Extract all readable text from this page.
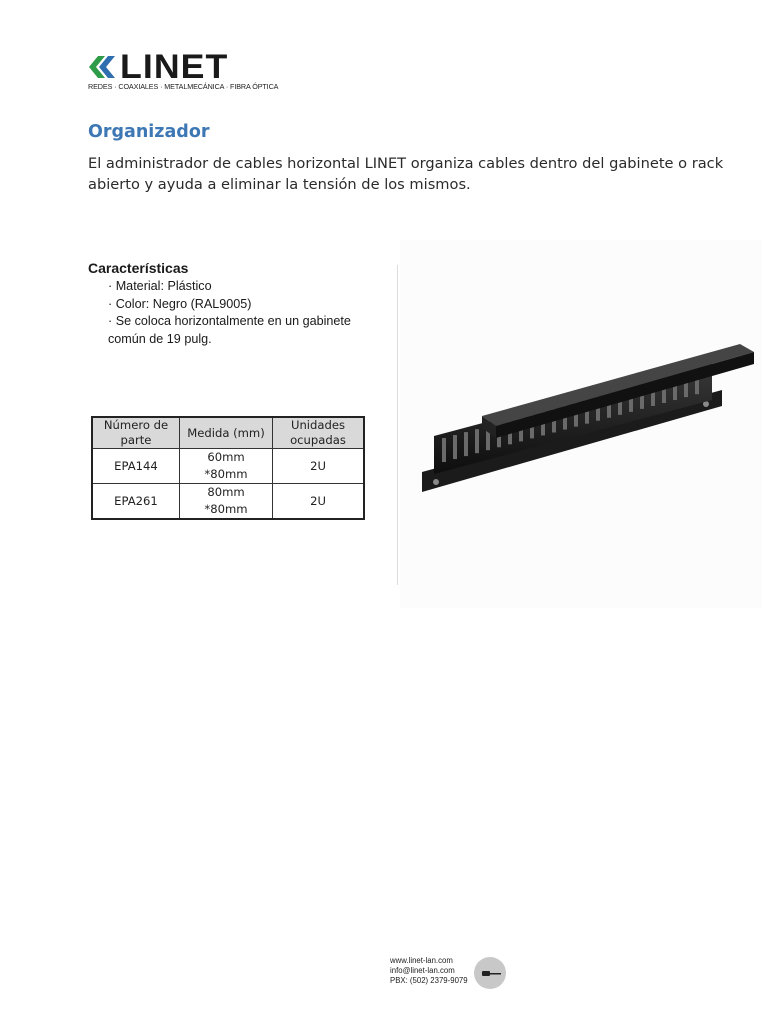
LINET
REDES · COAXIALES · METALMECÁNICA · FIBRA ÓPTICA
Organizador

El administrador de cables horizontal LINET organiza cables dentro del gabinete o rack abierto y ayuda a eliminar la tensión de los mismos.

Características
· Material: Plástico
· Color: Negro (RAL9005)
· Se coloca horizontalmente en un gabinete común de 19 pulg.
Número de parte	Medida (mm)	Unidades ocupadas
EPA144	60mm *80mm	2U
EPA261	80mm *80mm	2U
www.linet-lan.com
info@linet-lan.com
PBX: (502) 2379-9079
